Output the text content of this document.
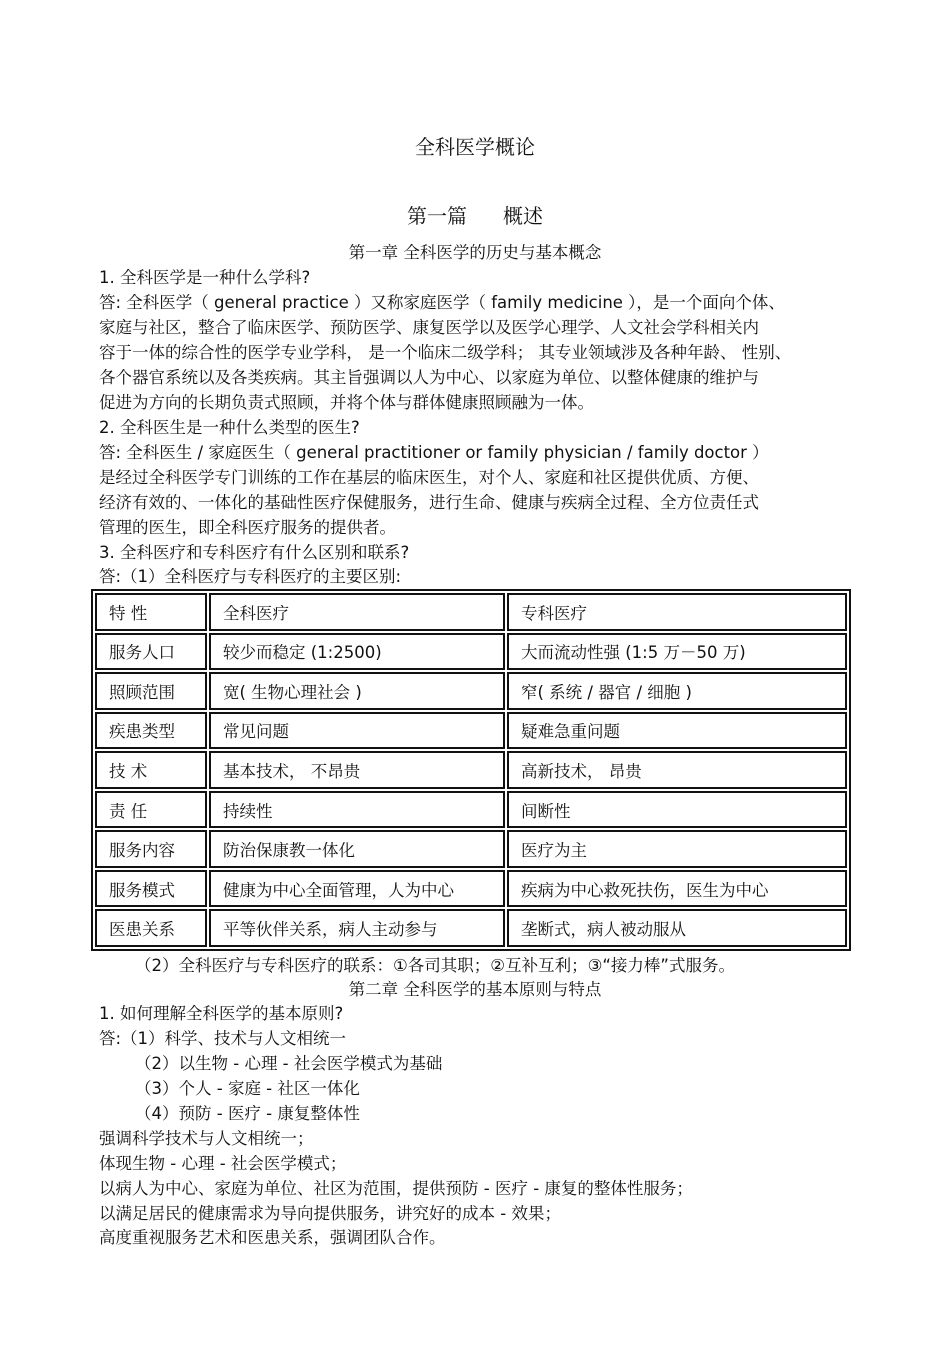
全科医学概论
第一篇 概述
第一章 全科医学的历史与基本概念
1. 全科医学是一种什么学科?
答: 全科医学（ general practice ）又称家庭医学（ family medicine ），是一个面向个体、
家庭与社区，整合了临床医学、预防医学、康复医学以及医学心理学、人文社会学科相关内
容于一体的综合性的医学专业学科， 是一个临床二级学科； 其专业领域涉及各种年龄、 性别、
各个器官系统以及各类疾病。其主旨强调以人为中心、以家庭为单位、以整体健康的维护与
促进为方向的长期负责式照顾，并将个体与群体健康照顾融为一体。
2. 全科医生是一种什么类型的医生?
答: 全科医生 / 家庭医生（ general practitioner or family physician / family doctor ）
是经过全科医学专门训练的工作在基层的临床医生，对个人、家庭和社区提供优质、方便、
经济有效的、一体化的基础性医疗保健服务，进行生命、健康与疾病全过程、全方位责任式
管理的医生，即全科医疗服务的提供者。
3. 全科医疗和专科医疗有什么区别和联系?
答:（1）全科医疗与专科医疗的主要区别:
特 性	全科医疗	专科医疗
服务人口	较少而稳定 (1:2500)	大而流动性强 (1:5 万－50 万)
照顾范围	宽( 生物心理社会 )	窄( 系统 / 器官 / 细胞 )
疾患类型	常见问题	疑难急重问题
技 术	基本技术， 不昂贵	高新技术， 昂贵
责 任	持续性	间断性
服务内容	防治保康教一体化	医疗为主
服务模式	健康为中心全面管理，人为中心	疾病为中心救死扶伤，医生为中心
医患关系	平等伙伴关系，病人主动参与	垄断式，病人被动服从
（2）全科医疗与专科医疗的联系：①各司其职；②互补互利；③“接力棒”式服务。
第二章 全科医学的基本原则与特点
1. 如何理解全科医学的基本原则?
答:（1）科学、技术与人文相统一
（2）以生物 - 心理 - 社会医学模式为基础
（3）个人 - 家庭 - 社区一体化
（4）预防 - 医疗 - 康复整体性
强调科学技术与人文相统一；
体现生物 - 心理 - 社会医学模式；
以病人为中心、家庭为单位、社区为范围，提供预防 - 医疗 - 康复的整体性服务；
以满足居民的健康需求为导向提供服务，讲究好的成本 - 效果；
高度重视服务艺术和医患关系，强调团队合作。
